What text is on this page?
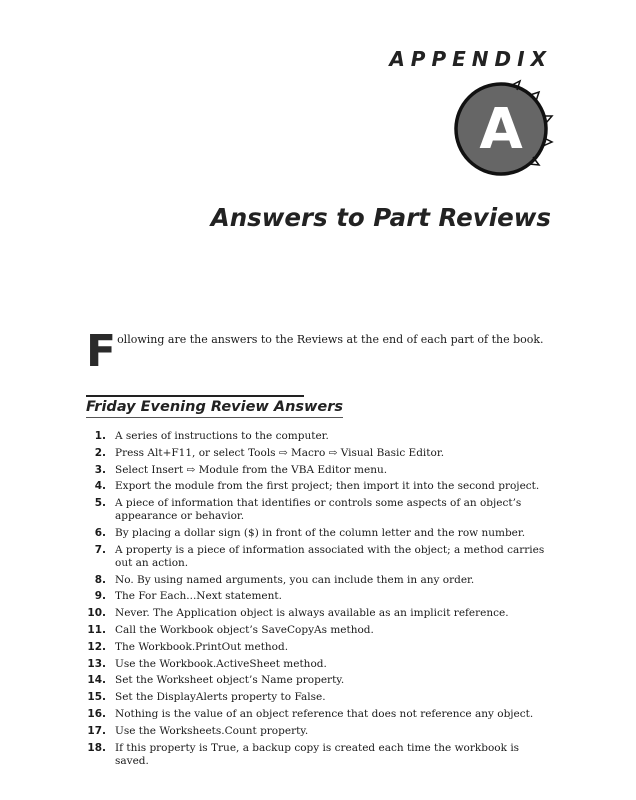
APPENDIX
A
Answers to Part Reviews
F ollowing are the answers to the Reviews at the end of each part of the book.
Friday Evening Review Answers
1. A series of instructions to the computer.
2. Press Alt+F11, or select Tools ⇨ Macro ⇨ Visual Basic Editor.
3. Select Insert ⇨ Module from the VBA Editor menu.
4. Export the module from the first project; then import it into the second project.
5. A piece of information that identifies or controls some aspects of an object’s appearance or behavior.
6. By placing a dollar sign ($) in front of the column letter and the row number.
7. A property is a piece of information associated with the object; a method carries out an action.
8. No. By using named arguments, you can include them in any order.
9. The For Each...Next statement.
10. Never. The Application object is always available as an implicit reference.
11. Call the Workbook object’s SaveCopyAs method.
12. The Workbook.PrintOut method.
13. Use the Workbook.ActiveSheet method.
14. Set the Worksheet object’s Name property.
15. Set the DisplayAlerts property to False.
16. Nothing is the value of an object reference that does not reference any object.
17. Use the Worksheets.Count property.
18. If this property is True, a backup copy is created each time the workbook is saved.
